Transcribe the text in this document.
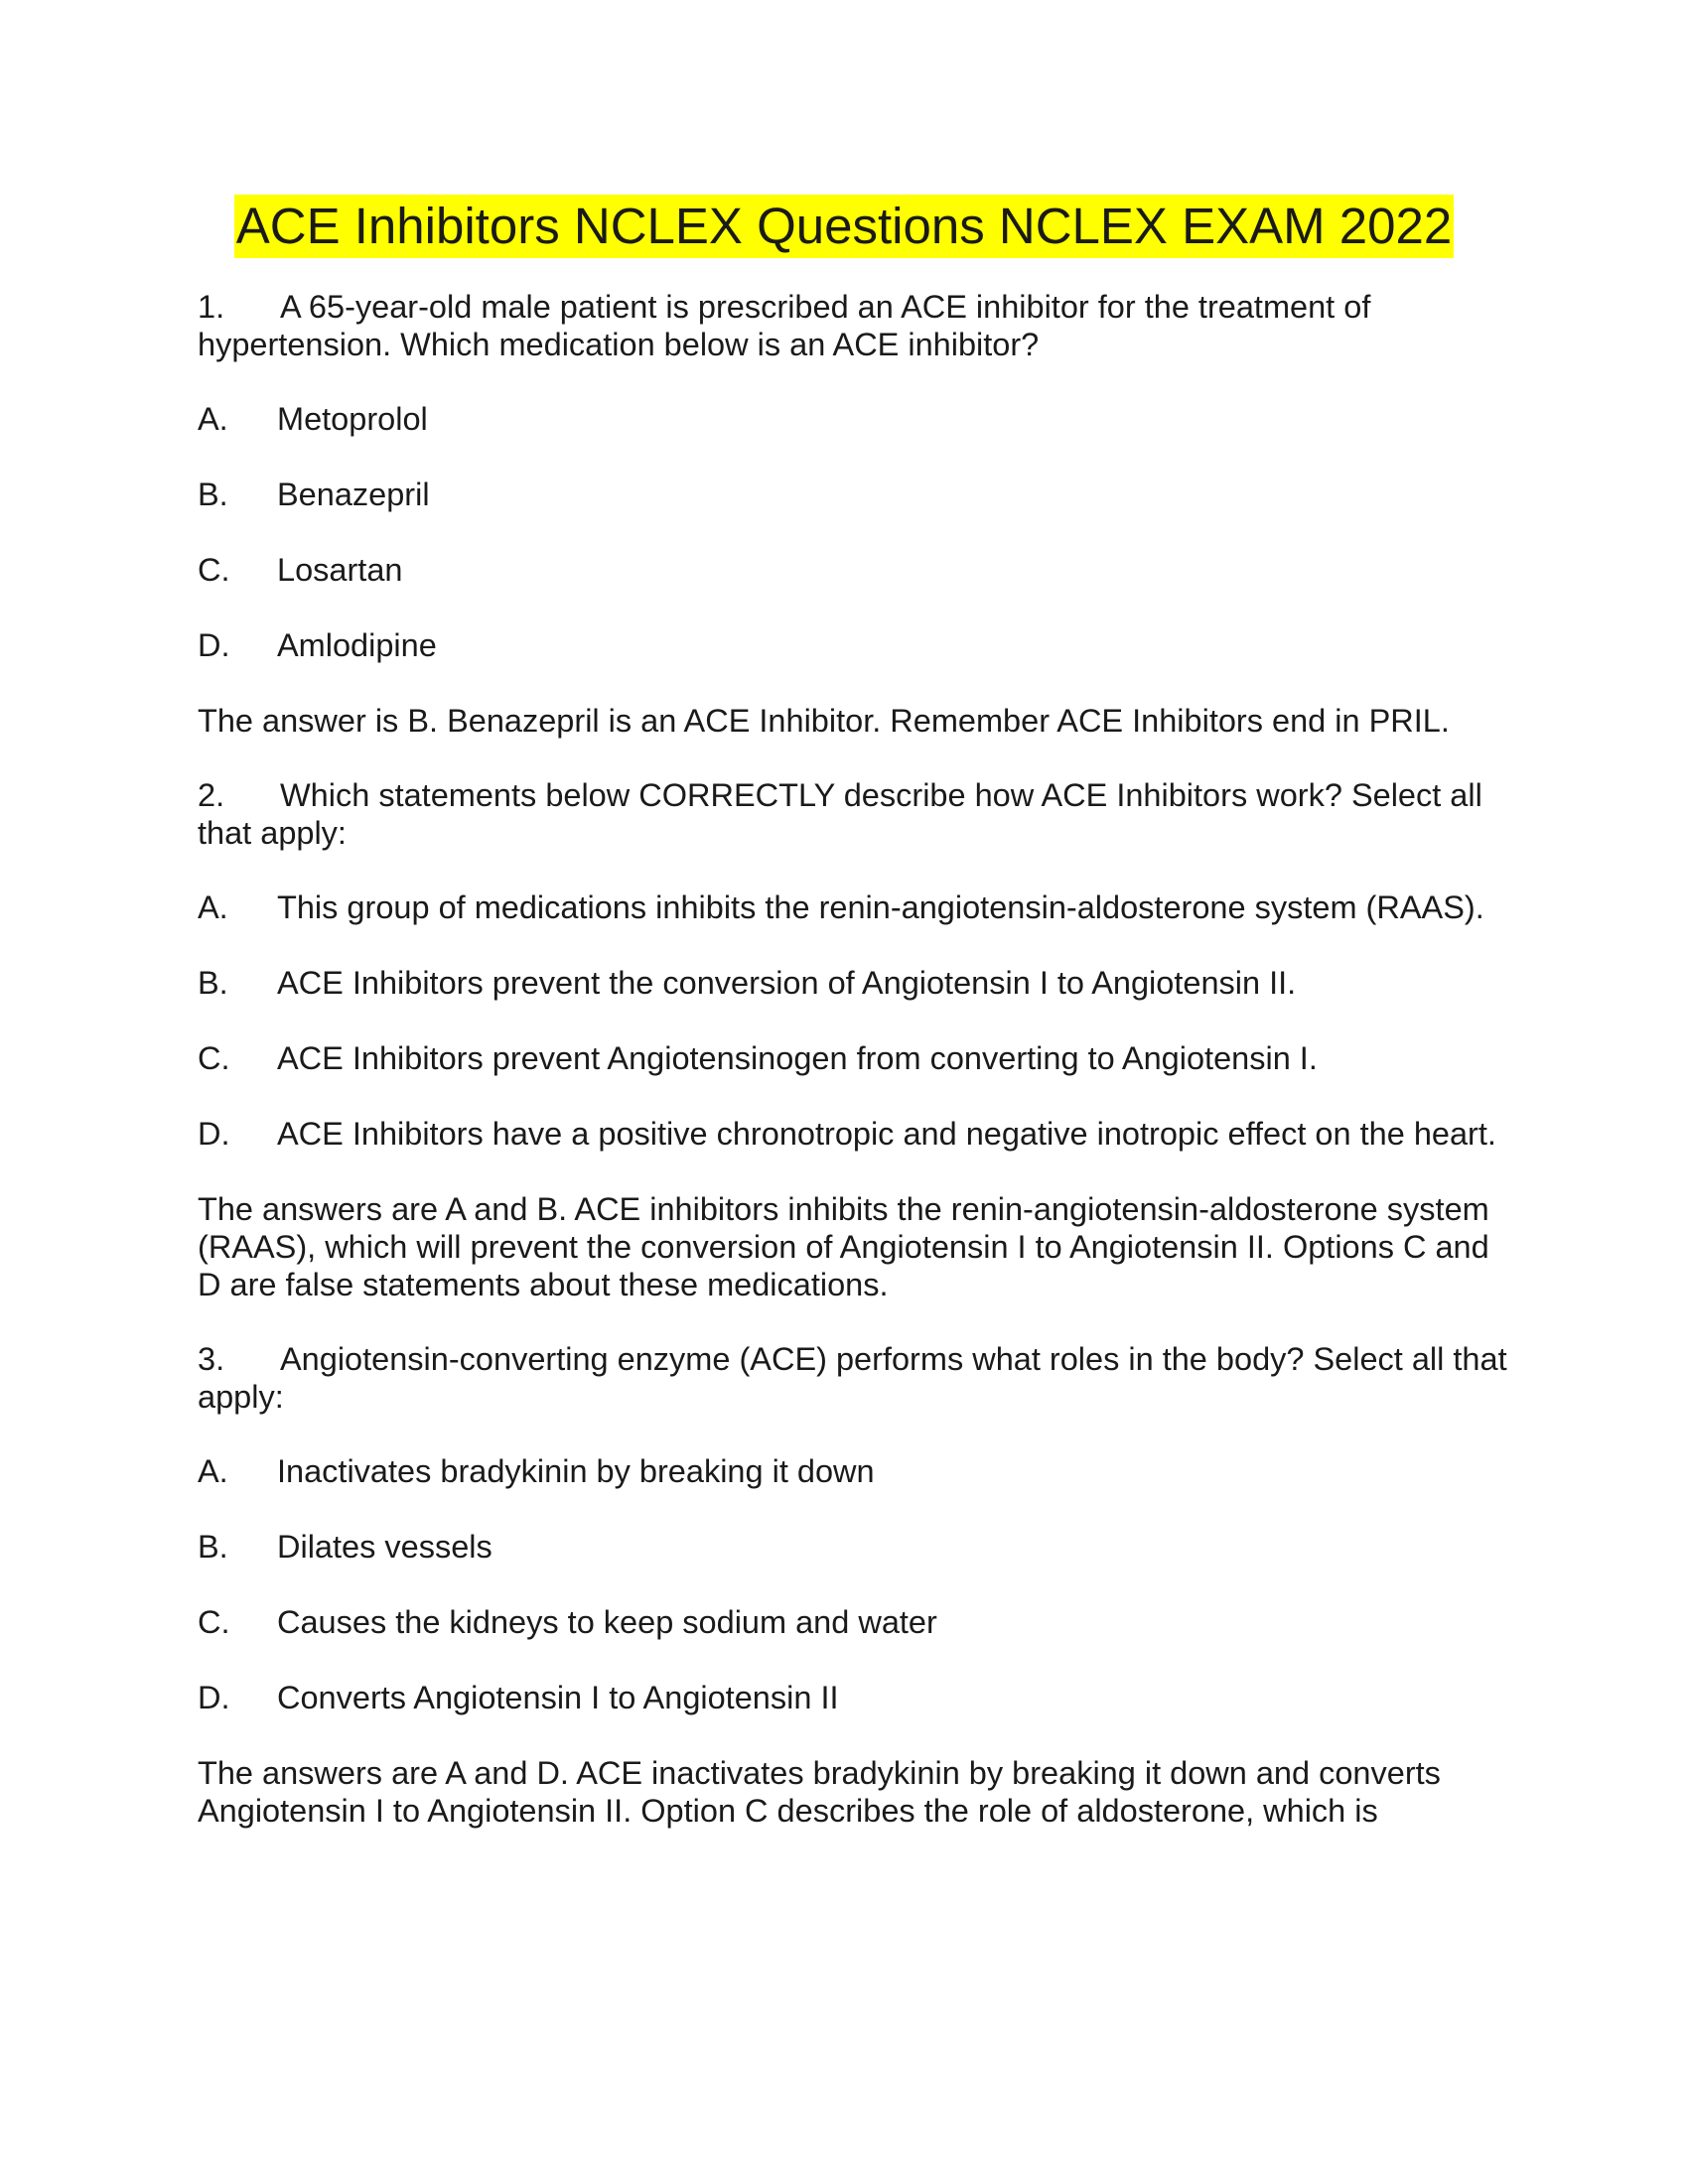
ACE Inhibitors NCLEX Questions NCLEX EXAM 2022

1. A 65-year-old male patient is prescribed an ACE inhibitor for the treatment of hypertension. Which medication below is an ACE inhibitor?

A. Metoprolol

B. Benazepril

C. Losartan

D. Amlodipine

The answer is B. Benazepril is an ACE Inhibitor. Remember ACE Inhibitors end in PRIL.

2. Which statements below CORRECTLY describe how ACE Inhibitors work? Select all that apply:

A. This group of medications inhibits the renin-angiotensin-aldosterone system (RAAS).

B. ACE Inhibitors prevent the conversion of Angiotensin I to Angiotensin II.

C. ACE Inhibitors prevent Angiotensinogen from converting to Angiotensin I.

D. ACE Inhibitors have a positive chronotropic and negative inotropic effect on the heart.

The answers are A and B. ACE inhibitors inhibits the renin-angiotensin-aldosterone system (RAAS), which will prevent the conversion of Angiotensin I to Angiotensin II. Options C and D are false statements about these medications.

3. Angiotensin-converting enzyme (ACE) performs what roles in the body? Select all that apply:

A. Inactivates bradykinin by breaking it down

B. Dilates vessels

C. Causes the kidneys to keep sodium and water

D. Converts Angiotensin I to Angiotensin II

The answers are A and D. ACE inactivates bradykinin by breaking it down and converts Angiotensin I to Angiotensin II. Option C describes the role of aldosterone, which is
